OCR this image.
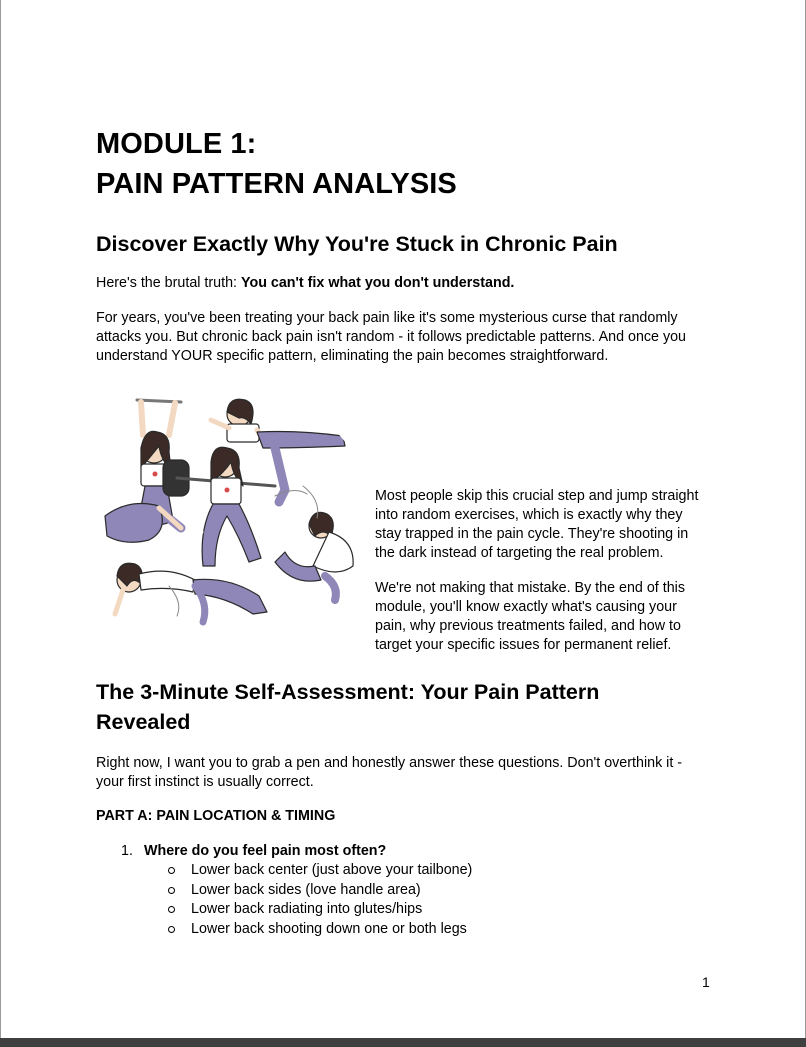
MODULE 1:
PAIN PATTERN ANALYSIS
Discover Exactly Why You're Stuck in Chronic Pain

Here's the brutal truth: You can't fix what you don't understand.

For years, you've been treating your back pain like it's some mysterious curse that randomly attacks you. But chronic back pain isn't random - it follows predictable patterns. And once you understand YOUR specific pattern, eliminating the pain becomes straightforward.

Most people skip this crucial step and jump straight into random exercises, which is exactly why they stay trapped in the pain cycle. They're shooting in the dark instead of targeting the real problem.

We're not making that mistake. By the end of this module, you'll know exactly what's causing your pain, why previous treatments failed, and how to target your specific issues for permanent relief.

The 3-Minute Self-Assessment: Your Pain Pattern Revealed

Right now, I want you to grab a pen and honestly answer these questions. Don't overthink it - your first instinct is usually correct.

PART A: PAIN LOCATION & TIMING

1. Where do you feel pain most often?
Lower back center (just above your tailbone)
Lower back sides (love handle area)
Lower back radiating into glutes/hips
Lower back shooting down one or both legs
1
